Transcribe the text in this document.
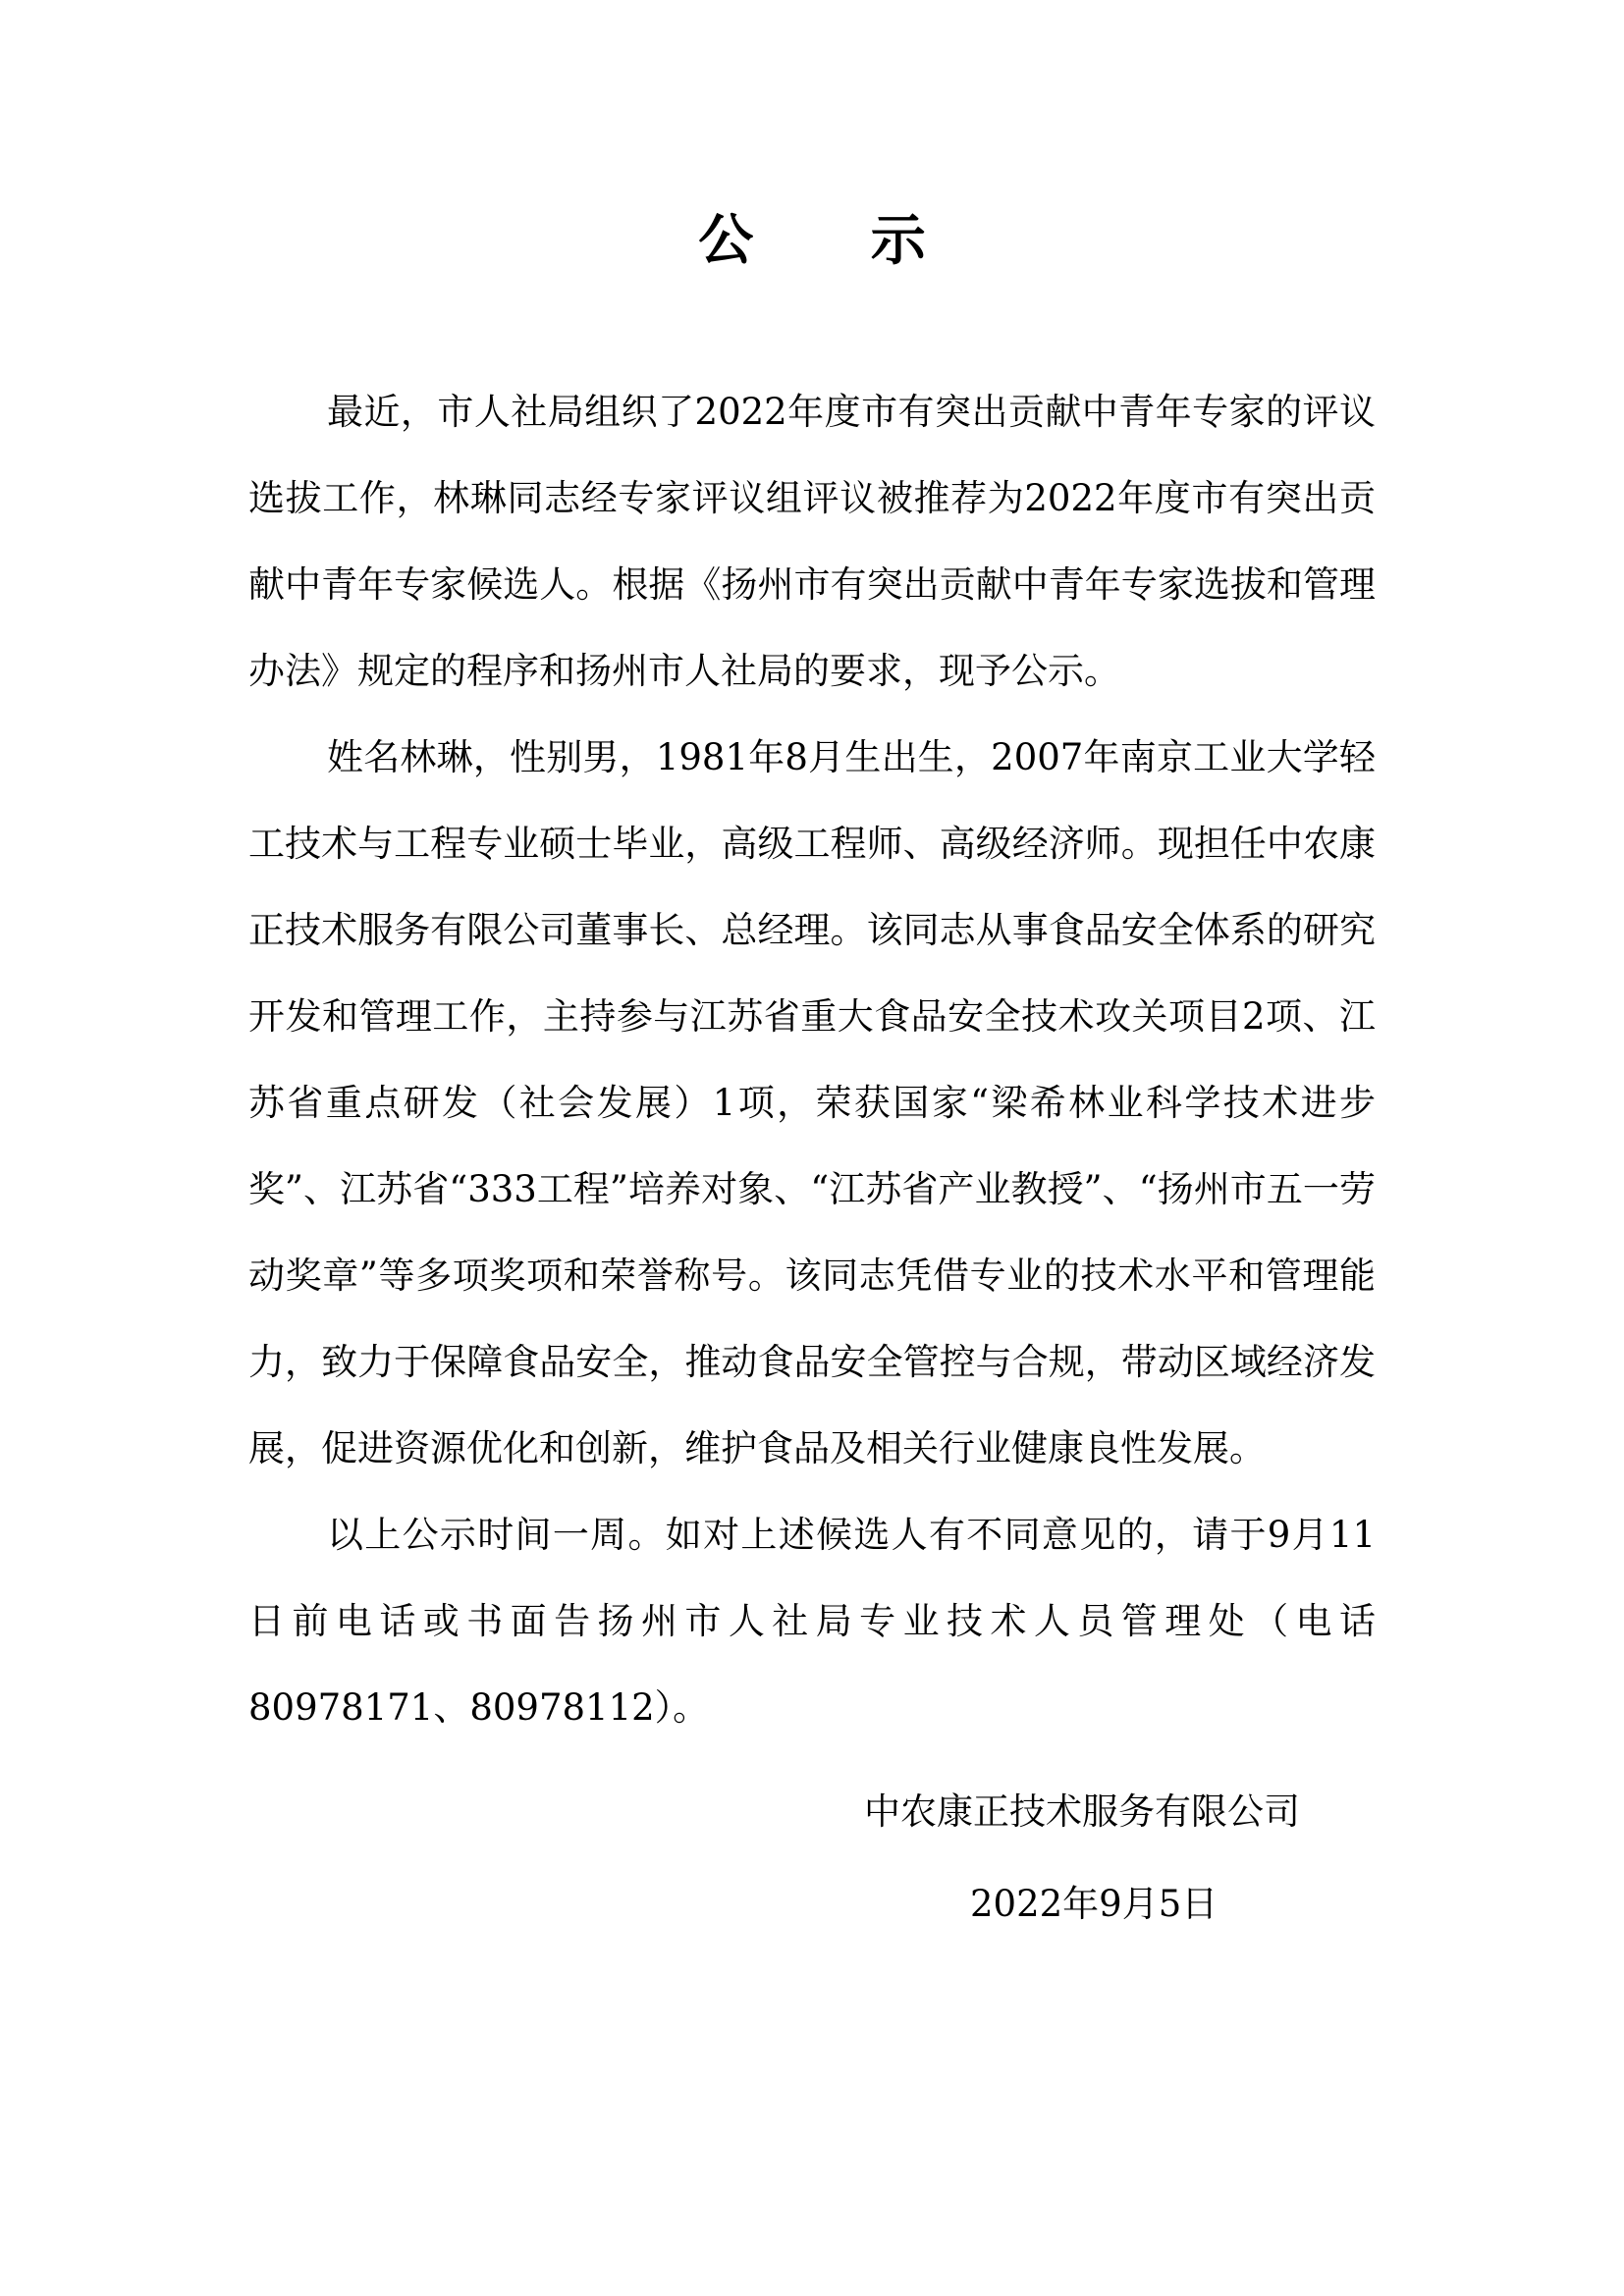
公 示

最近，市人社局组织了2022年度市有突出贡献中青年专家的评议选拔工作，林琳同志经专家评议组评议被推荐为2022年度市有突出贡献中青年专家候选人。根据《扬州市有突出贡献中青年专家选拔和管理办法》规定的程序和扬州市人社局的要求，现予公示。

姓名林琳，性别男，1981年8月生出生，2007年南京工业大学轻工技术与工程专业硕士毕业，高级工程师、高级经济师。现担任中农康正技术服务有限公司董事长、总经理。该同志从事食品安全体系的研究开发和管理工作，主持参与江苏省重大食品安全技术攻关项目2项、江苏省重点研发（社会发展）1项，荣获国家“梁希林业科学技术进步奖”、江苏省“333工程”培养对象、“江苏省产业教授”、“扬州市五一劳动奖章”等多项奖项和荣誉称号。该同志凭借专业的技术水平和管理能力，致力于保障食品安全，推动食品安全管控与合规，带动区域经济发展，促进资源优化和创新，维护食品及相关行业健康良性发展。

以上公示时间一周。如对上述候选人有不同意见的，请于9月11日前电话或书面告扬州市人社局专业技术人员管理处（电话80978171、80978112）。

中农康正技术服务有限公司

2022年9月5日
